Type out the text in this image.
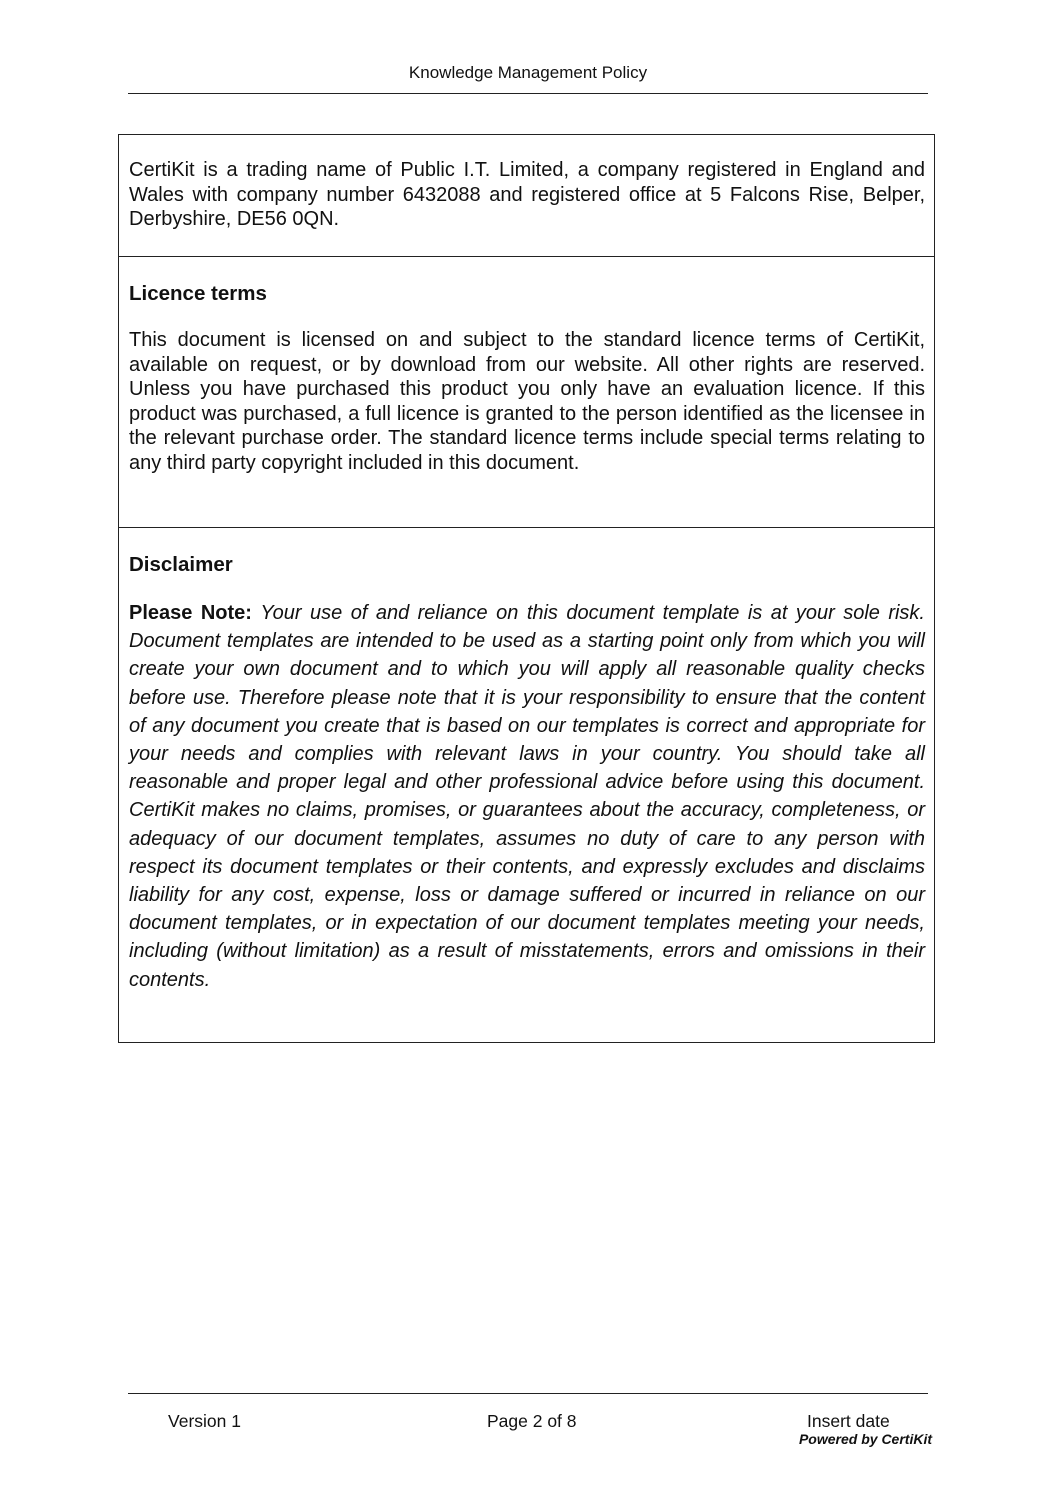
Knowledge Management Policy

CertiKit is a trading name of Public I.T. Limited, a company registered in England and Wales with company number 6432088 and registered office at 5 Falcons Rise, Belper, Derbyshire, DE56 0QN.

Licence terms

This document is licensed on and subject to the standard licence terms of CertiKit, available on request, or by download from our website. All other rights are reserved. Unless you have purchased this product you only have an evaluation licence. If this product was purchased, a full licence is granted to the person identified as the licensee in the relevant purchase order. The standard licence terms include special terms relating to any third party copyright included in this document.

Disclaimer

Please Note: Your use of and reliance on this document template is at your sole risk. Document templates are intended to be used as a starting point only from which you will create your own document and to which you will apply all reasonable quality checks before use. Therefore please note that it is your responsibility to ensure that the content of any document you create that is based on our templates is correct and appropriate for your needs and complies with relevant laws in your country. You should take all reasonable and proper legal and other professional advice before using this document. CertiKit makes no claims, promises, or guarantees about the accuracy, completeness, or adequacy of our document templates, assumes no duty of care to any person with respect its document templates or their contents, and expressly excludes and disclaims liability for any cost, expense, loss or damage suffered or incurred in reliance on our document templates, or in expectation of our document templates meeting your needs, including (without limitation) as a result of misstatements, errors and omissions in their contents.

Version 1	Page 2 of 8	Insert date
Powered by CertiKit
